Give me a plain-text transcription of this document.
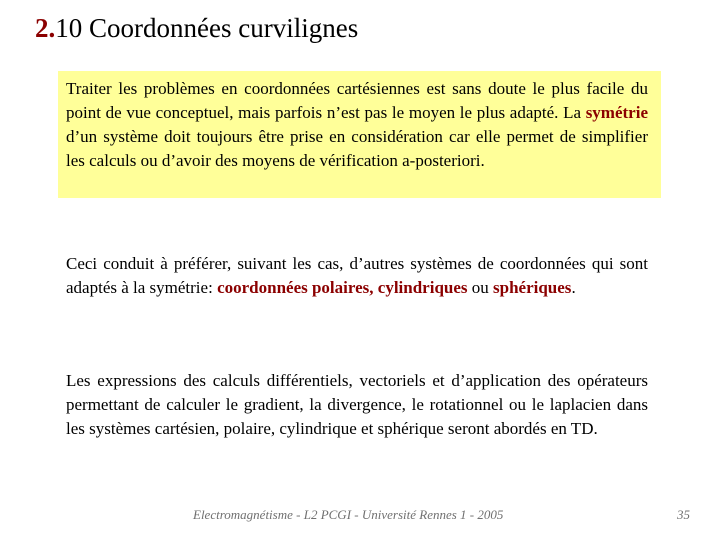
2.10 Coordonnées curvilignes
Traiter les problèmes en coordonnées cartésiennes est sans doute le plus facile du point de vue conceptuel, mais parfois n’est pas le moyen le plus adapté. La symétrie d’un système doit toujours être prise en considération car elle permet de simplifier les calculs ou d’avoir des moyens de vérification a-posteriori.
Ceci conduit à préférer, suivant les cas, d’autres systèmes de coordonnées qui sont adaptés à la symétrie: coordonnées polaires, cylindriques ou sphériques.
Les expressions des calculs différentiels, vectoriels et d’application des opérateurs permettant de calculer le gradient, la divergence, le rotationnel ou le laplacien dans les systèmes cartésien, polaire, cylindrique et sphérique seront abordés en TD.
Electromagnétisme - L2 PCGI - Université Rennes 1 - 2005	35
